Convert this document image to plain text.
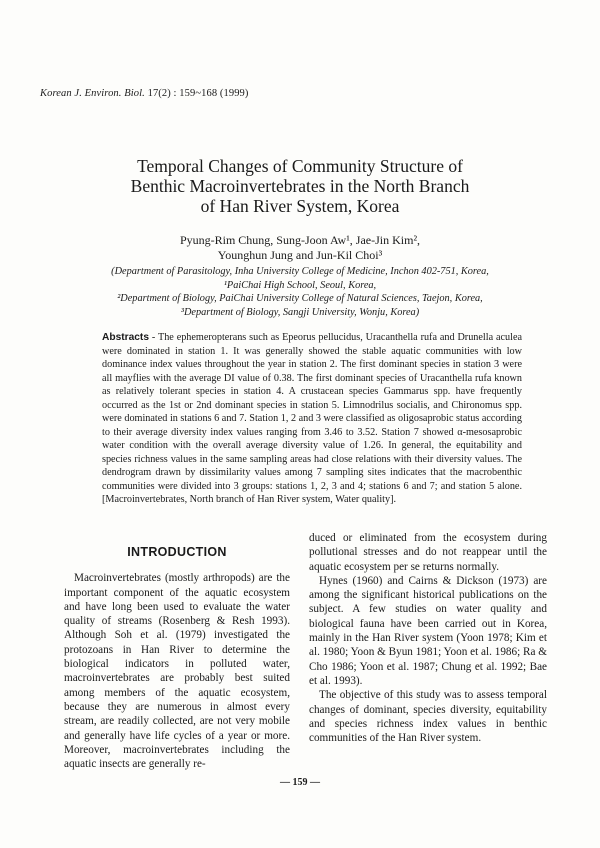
Korean J. Environ. Biol. 17(2) : 159~168 (1999)
Temporal Changes of Community Structure of
Benthic Macroinvertebrates in the North Branch
of Han River System, Korea
Pyung-Rim Chung, Sung-Joon Aw¹, Jae-Jin Kim²,
Younghun Jung and Jun-Kil Choi³
(Department of Parasitology, Inha University College of Medicine, Inchon 402-751, Korea,
¹PaiChai High School, Seoul, Korea,
²Department of Biology, PaiChai University College of Natural Sciences, Taejon, Korea,
³Department of Biology, Sangji University, Wonju, Korea)
Abstracts - The ephemeropterans such as Epeorus pellucidus, Uracanthella rufa and Drunella aculea were dominated in station 1. It was generally showed the stable aquatic communities with low dominance index values throughout the year in station 2. The first dominant species in station 3 were all mayflies with the average DI value of 0.38. The first dominant species of Uracanthella rufa known as relatively tolerant species in station 4. A crustacean species Gammarus spp. have frequently occurred as the 1st or 2nd dominant species in station 5. Limnodrilus socialis, and Chironomus spp. were dominated in stations 6 and 7. Station 1, 2 and 3 were classified as oligosaprobic status according to their average diversity index values ranging from 3.46 to 3.52. Station 7 showed α-mesosaprobic water condition with the overall average diversity value of 1.26. In general, the equitability and species richness values in the same sampling areas had close relations with their diversity values. The dendrogram drawn by dissimilarity values among 7 sampling sites indicates that the macrobenthic communities were divided into 3 groups: stations 1, 2, 3 and 4; stations 6 and 7; and station 5 alone. [Macroinvertebrates, North branch of Han River system, Water quality].
INTRODUCTION

Macroinvertebrates (mostly arthropods) are the important component of the aquatic ecosystem and have long been used to evaluate the water quality of streams (Rosenberg & Resh 1993). Although Soh et al. (1979) investigated the protozoans in Han River to determine the biological indicators in polluted water, macroinvertebrates are probably best suited among members of the aquatic ecosystem, because they are numerous in almost every stream, are readily collected, are not very mobile and generally have life cycles of a year or more. Moreover, macroinvertebrates including the aquatic insects are generally re-

duced or eliminated from the ecosystem during pollutional stresses and do not reappear until the aquatic ecosystem per se returns normally.

Hynes (1960) and Cairns & Dickson (1973) are among the significant historical publications on the subject. A few studies on water quality and biological fauna have been carried out in Korea, mainly in the Han River system (Yoon 1978; Kim et al. 1980; Yoon & Byun 1981; Yoon et al. 1986; Ra & Cho 1986; Yoon et al. 1987; Chung et al. 1992; Bae et al. 1993).

The objective of this study was to assess temporal changes of dominant, species diversity, equitability and species richness index values in benthic communities of the Han River system.

— 159 —
